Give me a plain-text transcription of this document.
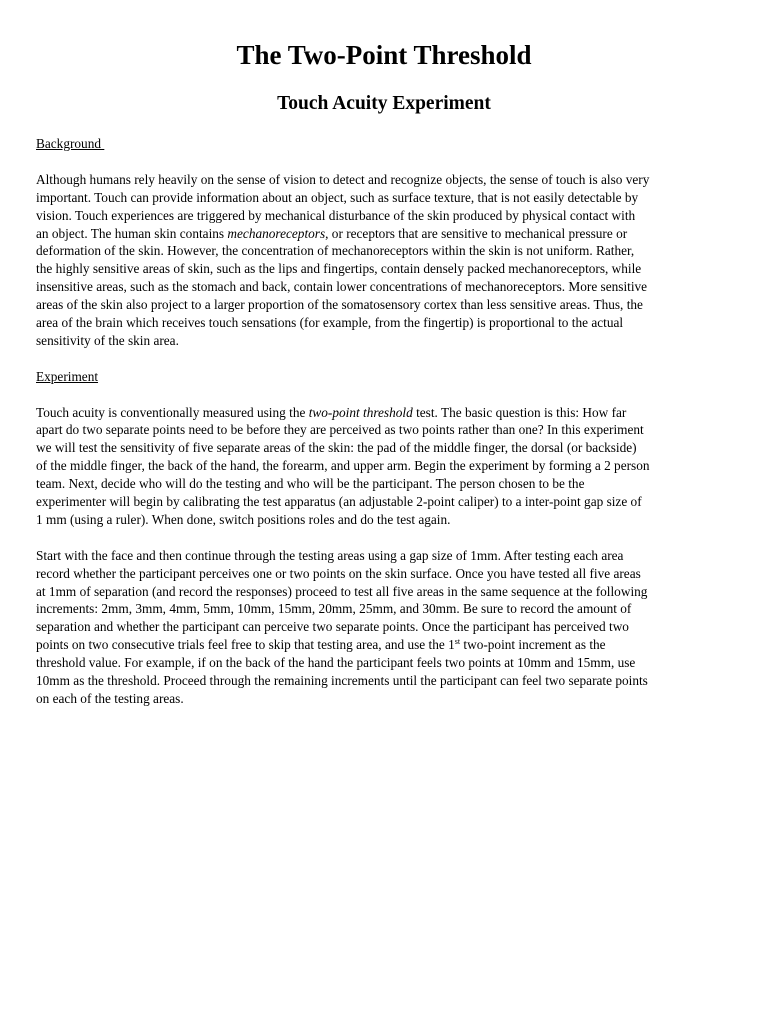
The Two-Point Threshold
Touch Acuity Experiment
Background
Although humans rely heavily on the sense of vision to detect and recognize objects, the sense of touch is also very
important. Touch can provide information about an object, such as surface texture, that is not easily detectable by
vision. Touch experiences are triggered by mechanical disturbance of the skin produced by physical contact with
an object. The human skin contains mechanoreceptors, or receptors that are sensitive to mechanical pressure or
deformation of the skin. However, the concentration of mechanoreceptors within the skin is not uniform. Rather,
the highly sensitive areas of skin, such as the lips and fingertips, contain densely packed mechanoreceptors, while
insensitive areas, such as the stomach and back, contain lower concentrations of mechanoreceptors. More sensitive
areas of the skin also project to a larger proportion of the somatosensory cortex than less sensitive areas. Thus, the
area of the brain which receives touch sensations (for example, from the fingertip) is proportional to the actual
sensitivity of the skin area.
Experiment
Touch acuity is conventionally measured using the two-point threshold test. The basic question is this: How far
apart do two separate points need to be before they are perceived as two points rather than one? In this experiment
we will test the sensitivity of five separate areas of the skin: the pad of the middle finger, the dorsal (or backside)
of the middle finger, the back of the hand, the forearm, and upper arm. Begin the experiment by forming a 2 person
team. Next, decide who will do the testing and who will be the participant. The person chosen to be the
experimenter will begin by calibrating the test apparatus (an adjustable 2-point caliper) to a inter-point gap size of
1 mm (using a ruler). When done, switch positions roles and do the test again.
Start with the face and then continue through the testing areas using a gap size of 1mm. After testing each area
record whether the participant perceives one or two points on the skin surface. Once you have tested all five areas
at 1mm of separation (and record the responses) proceed to test all five areas in the same sequence at the following
increments: 2mm, 3mm, 4mm, 5mm, 10mm, 15mm, 20mm, 25mm, and 30mm. Be sure to record the amount of
separation and whether the participant can perceive two separate points. Once the participant has perceived two
points on two consecutive trials feel free to skip that testing area, and use the 1st two-point increment as the
threshold value. For example, if on the back of the hand the participant feels two points at 10mm and 15mm, use
10mm as the threshold. Proceed through the remaining increments until the participant can feel two separate points
on each of the testing areas.
